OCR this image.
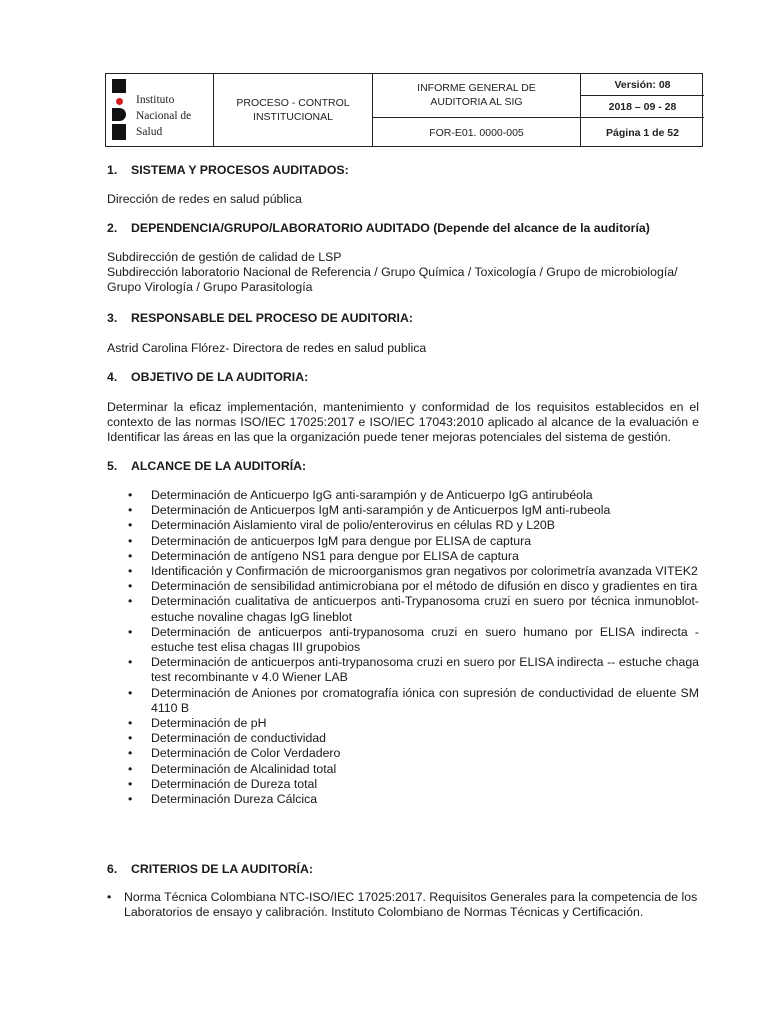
Instituto
Nacional de
Salud
PROCESO - CONTROL
INSTITUCIONAL
INFORME GENERAL DE
AUDITORIA AL SIG
FOR-E01. 0000-005
Versión: 08
2018 – 09 - 28
Página 1 de 52
1. SISTEMA Y PROCESOS AUDITADOS:
Dirección de redes en salud pública
2. DEPENDENCIA/GRUPO/LABORATORIO AUDITADO (Depende del alcance de la auditoría)
Subdirección de gestión de calidad de LSP
Subdirección laboratorio Nacional de Referencia / Grupo Química / Toxicología / Grupo de microbiología/ Grupo Virología / Grupo Parasitología
3. RESPONSABLE DEL PROCESO DE AUDITORIA:
Astrid Carolina Flórez- Directora de redes en salud publica
4. OBJETIVO DE LA AUDITORIA:
Determinar la eficaz implementación, mantenimiento y conformidad de los requisitos establecidos en el contexto de las normas ISO/IEC 17025:2017 e ISO/IEC 17043:2010 aplicado al alcance de la evaluación e Identificar las áreas en las que la organización puede tener mejoras potenciales del sistema de gestión.
5. ALCANCE DE LA AUDITORÍA:
• Determinación de Anticuerpo IgG anti-sarampión y de Anticuerpo IgG antirubéola
• Determinación de Anticuerpos IgM anti-sarampión y de Anticuerpos IgM anti-rubeola
• Determinación Aislamiento viral de polio/enterovirus en células RD y L20B
• Determinación de anticuerpos IgM para dengue por ELISA de captura
• Determinación de antígeno NS1 para dengue por ELISA de captura
• Identificación y Confirmación de microorganismos gran negativos por colorimetría avanzada VITEK2
• Determinación de sensibilidad antimicrobiana por el método de difusión en disco y gradientes en tira
• Determinación cualitativa de anticuerpos anti-Trypanosoma cruzi en suero por técnica inmunoblot-estuche novaline chagas IgG lineblot
• Determinación de anticuerpos anti-trypanosoma cruzi en suero humano por ELISA indirecta - estuche test elisa chagas III grupobios
• Determinación de anticuerpos anti-trypanosoma cruzi en suero por ELISA indirecta -- estuche chaga test recombinante v 4.0 Wiener LAB
• Determinación de Aniones por cromatografía iónica con supresión de conductividad de eluente SM 4110 B
• Determinación de pH
• Determinación de conductividad
• Determinación de Color Verdadero
• Determinación de Alcalinidad total
• Determinación de Dureza total
• Determinación Dureza Cálcica
6. CRITERIOS DE LA AUDITORÍA:
• Norma Técnica Colombiana NTC-ISO/IEC 17025:2017. Requisitos Generales para la competencia de los Laboratorios de ensayo y calibración. Instituto Colombiano de Normas Técnicas y Certificación.
